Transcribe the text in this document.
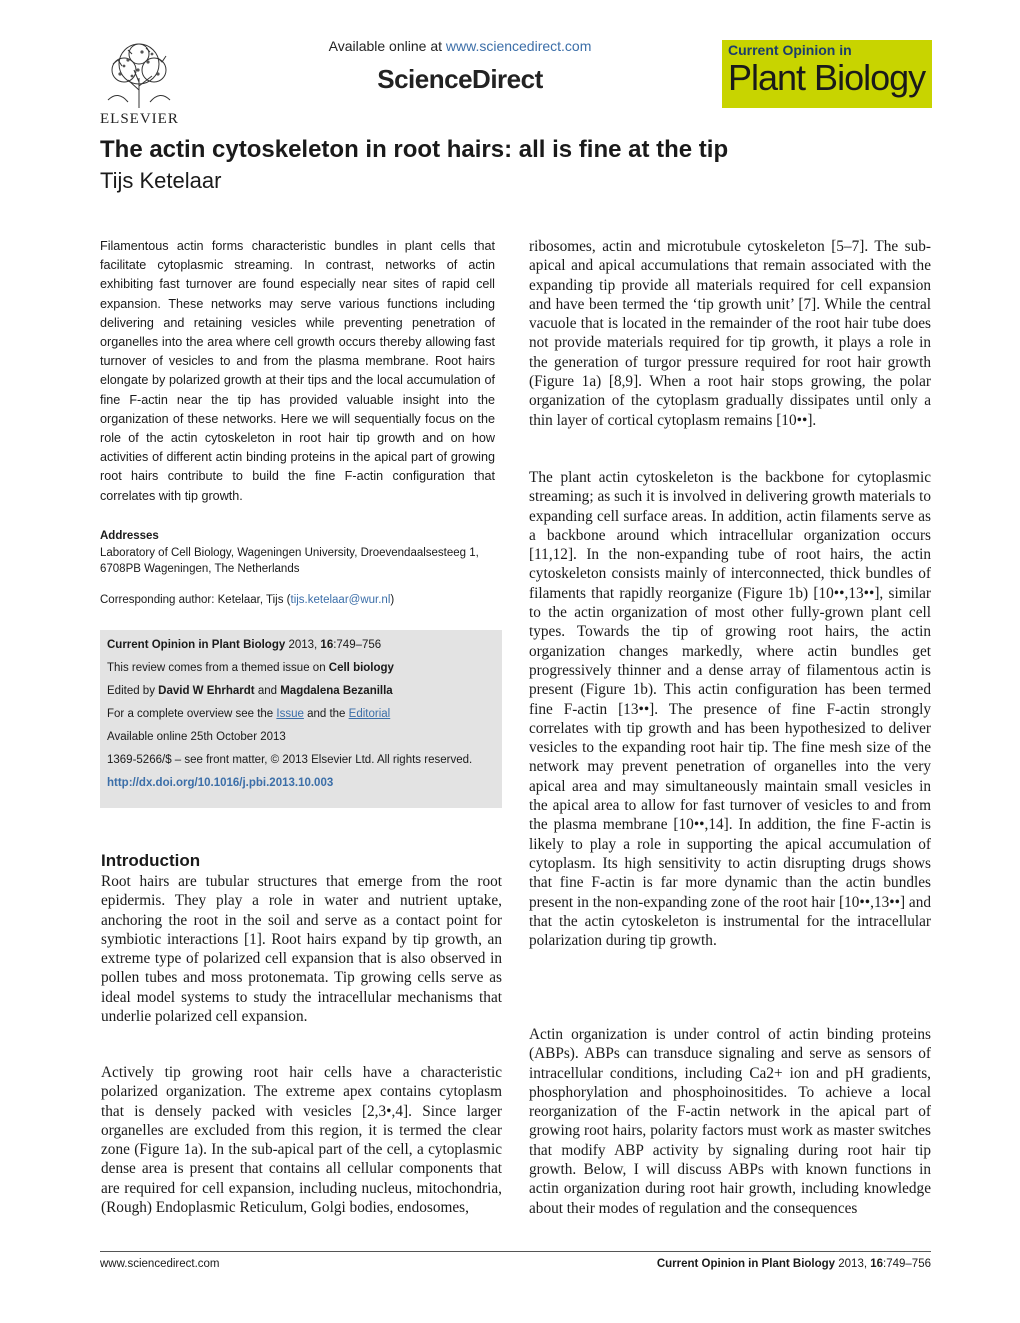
ELSEVIER
Available online at www.sciencedirect.com
ScienceDirect
Current Opinion in
Plant Biology
The actin cytoskeleton in root hairs: all is fine at the tip
Tijs Ketelaar
Filamentous actin forms characteristic bundles in plant cells that facilitate cytoplasmic streaming. In contrast, networks of actin exhibiting fast turnover are found especially near sites of rapid cell expansion. These networks may serve various functions including delivering and retaining vesicles while preventing penetration of organelles into the area where cell growth occurs thereby allowing fast turnover of vesicles to and from the plasma membrane. Root hairs elongate by polarized growth at their tips and the local accumulation of fine F-actin near the tip has provided valuable insight into the organization of these networks. Here we will sequentially focus on the role of the actin cytoskeleton in root hair tip growth and on how activities of different actin binding proteins in the apical part of growing root hairs contribute to build the fine F-actin configuration that correlates with tip growth.
Addresses
Laboratory of Cell Biology, Wageningen University, Droevendaalsesteeg 1, 6708PB Wageningen, The Netherlands
Corresponding author: Ketelaar, Tijs (tijs.ketelaar@wur.nl)
Current Opinion in Plant Biology 2013, 16:749–756
This review comes from a themed issue on Cell biology
Edited by David W Ehrhardt and Magdalena Bezanilla
For a complete overview see the Issue and the Editorial
Available online 25th October 2013
1369-5266/$ – see front matter, © 2013 Elsevier Ltd. All rights reserved.
http://dx.doi.org/10.1016/j.pbi.2013.10.003
Introduction
Root hairs are tubular structures that emerge from the root epidermis. They play a role in water and nutrient uptake, anchoring the root in the soil and serve as a contact point for symbiotic interactions [1]. Root hairs expand by tip growth, an extreme type of polarized cell expansion that is also observed in pollen tubes and moss protonemata. Tip growing cells serve as ideal model systems to study the intracellular mechanisms that underlie polarized cell expansion.
Actively tip growing root hair cells have a characteristic polarized organization. The extreme apex contains cytoplasm that is densely packed with vesicles [2,3•,4]. Since larger organelles are excluded from this region, it is termed the clear zone (Figure 1a). In the sub-apical part of the cell, a cytoplasmic dense area is present that contains all cellular components that are required for cell expansion, including nucleus, mitochondria, (Rough) Endoplasmic Reticulum, Golgi bodies, endosomes,
ribosomes, actin and microtubule cytoskeleton [5–7]. The sub-apical and apical accumulations that remain associated with the expanding tip provide all materials required for cell expansion and have been termed the ‘tip growth unit’ [7]. While the central vacuole that is located in the remainder of the root hair tube does not provide materials required for tip growth, it plays a role in the generation of turgor pressure required for root hair growth (Figure 1a) [8,9]. When a root hair stops growing, the polar organization of the cytoplasm gradually dissipates until only a thin layer of cortical cytoplasm remains [10••].
The plant actin cytoskeleton is the backbone for cytoplasmic streaming; as such it is involved in delivering growth materials to expanding cell surface areas. In addition, actin filaments serve as a backbone around which intracellular organization occurs [11,12]. In the non-expanding tube of root hairs, the actin cytoskeleton consists mainly of interconnected, thick bundles of filaments that rapidly reorganize (Figure 1b) [10••,13••], similar to the actin organization of most other fully-grown plant cell types. Towards the tip of growing root hairs, the actin organization changes markedly, where actin bundles get progressively thinner and a dense array of filamentous actin is present (Figure 1b). This actin configuration has been termed fine F-actin [13••]. The presence of fine F-actin strongly correlates with tip growth and has been hypothesized to deliver vesicles to the expanding root hair tip. The fine mesh size of the network may prevent penetration of organelles into the very apical area and may simultaneously maintain small vesicles in the apical area to allow for fast turnover of vesicles to and from the plasma membrane [10••,14]. In addition, the fine F-actin is likely to play a role in supporting the apical accumulation of cytoplasm. Its high sensitivity to actin disrupting drugs shows that fine F-actin is far more dynamic than the actin bundles present in the non-expanding zone of the root hair [10••,13••] and that the actin cytoskeleton is instrumental for the intracellular polarization during tip growth.
Actin organization is under control of actin binding proteins (ABPs). ABPs can transduce signaling and serve as sensors of intracellular conditions, including Ca2+ ion and pH gradients, phosphorylation and phosphoinositides. To achieve a local reorganization of the F-actin network in the apical part of growing root hairs, polarity factors must work as master switches that modify ABP activity by signaling during root hair tip growth. Below, I will discuss ABPs with known functions in actin organization during root hair growth, including knowledge about their modes of regulation and the consequences
www.sciencedirect.com	Current Opinion in Plant Biology 2013, 16:749–756
